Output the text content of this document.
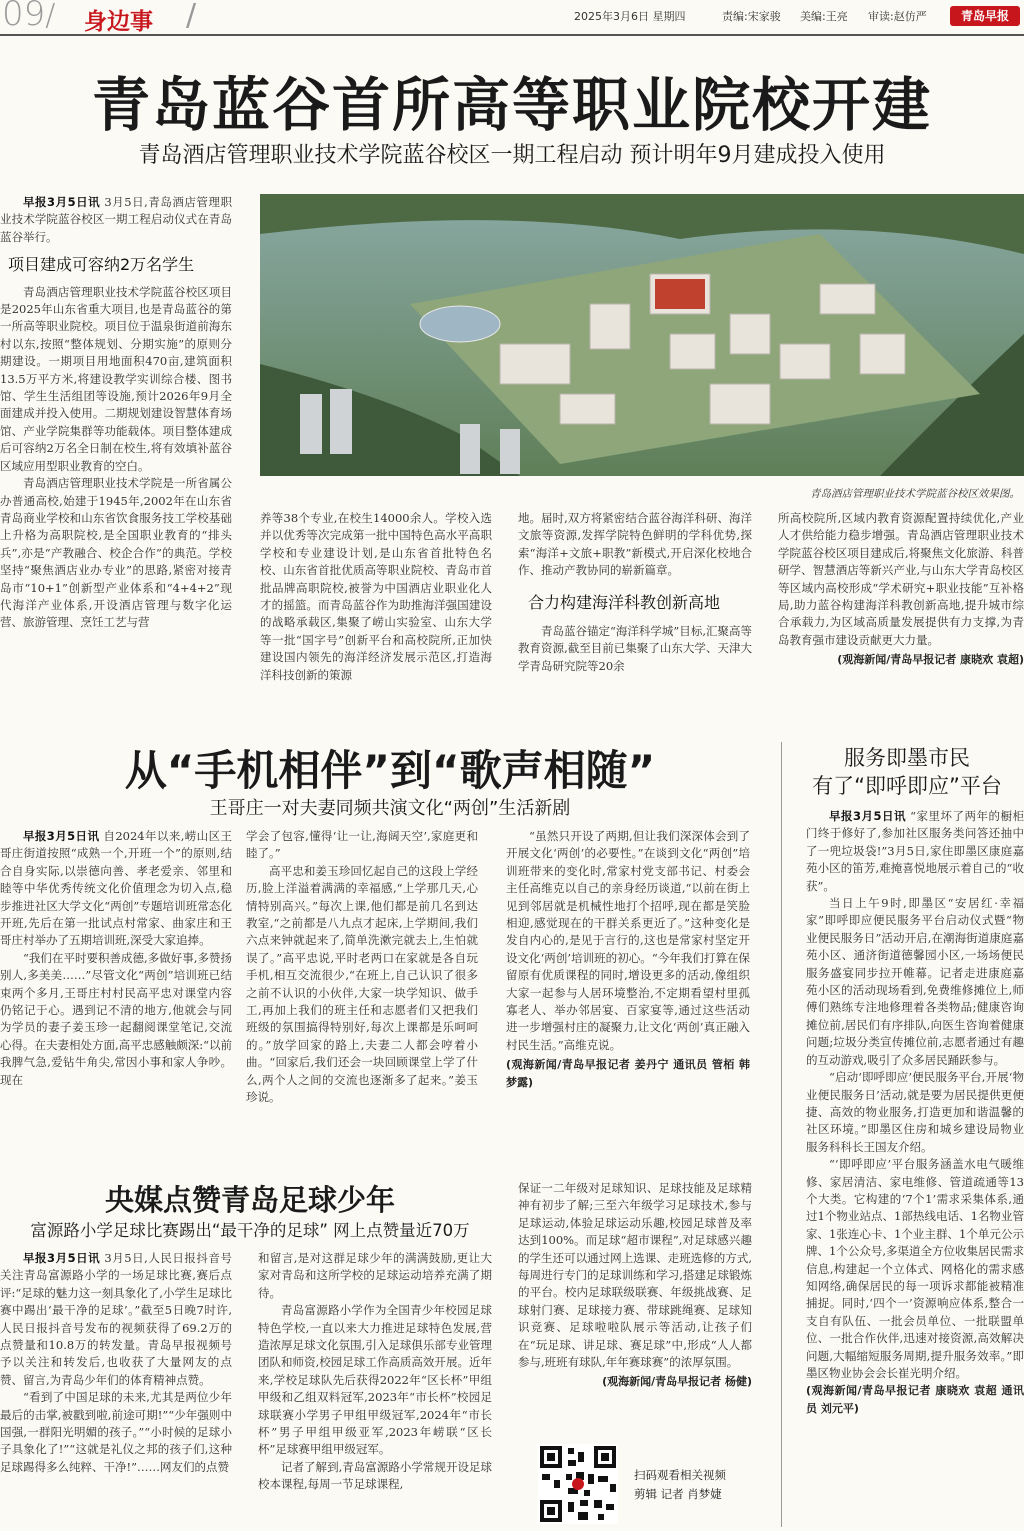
09/ 身边事 /	2025年3月6日 星期四	责编:宋家骏 美编:王亮 审读:赵仿严	青岛早报
青岛蓝谷首所高等职业院校开建
青岛酒店管理职业技术学院蓝谷校区一期工程启动 预计明年9月建成投入使用

早报3月5日讯 3月5日,青岛酒店管理职业技术学院蓝谷校区一期工程启动仪式在青岛蓝谷举行。

项目建成可容纳2万名学生

青岛酒店管理职业技术学院蓝谷校区项目是2025年山东省重大项目,也是青岛蓝谷的第一所高等职业院校。项目位于温泉街道前海东村以东,按照“整体规划、分期实施”的原则分期建设。一期项目用地面积470亩,建筑面积13.5万平方米,将建设教学实训综合楼、图书馆、学生生活组团等设施,预计2026年9月全面建成并投入使用。二期规划建设智慧体育场馆、产业学院集群等功能载体。项目整体建成后可容纳2万名全日制在校生,将有效填补蓝谷区域应用型职业教育的空白。

青岛酒店管理职业技术学院是一所省属公办普通高校,始建于1945年,2002年在山东省青岛商业学校和山东省饮食服务技工学校基础上升格为高职院校,是全国职业教育的“排头兵”,亦是“产教融合、校企合作”的典范。学校坚持“聚焦酒店业办专业”的思路,紧密对接青岛市“10+1”创新型产业体系和“4+4+2”现代海洋产业体系,开设酒店管理与数字化运营、旅游管理、烹饪工艺与营

青岛酒店管理职业技术学院蓝谷校区效果图。

养等38个专业,在校生14000余人。学校入选并以优秀等次完成第一批中国特色高水平高职学校和专业建设计划,是山东省首批特色名校、山东省首批优质高等职业院校、青岛市首批品牌高职院校,被誉为中国酒店业职业化人才的摇篮。而青岛蓝谷作为助推海洋强国建设的战略承载区,集聚了崂山实验室、山东大学等一批“国字号”创新平台和高校院所,正加快建设国内领先的海洋经济发展示范区,打造海洋科技创新的策源

地。届时,双方将紧密结合蓝谷海洋科研、海洋文旅等资源,发挥学院特色鲜明的学科优势,探索“海洋+文旅+职教”新模式,开启深化校地合作、推动产教协同的崭新篇章。

合力构建海洋科教创新高地

青岛蓝谷锚定“海洋科学城”目标,汇聚高等教育资源,截至目前已集聚了山东大学、天津大学青岛研究院等20余

所高校院所,区域内教育资源配置持续优化,产业人才供给能力稳步增强。青岛酒店管理职业技术学院蓝谷校区项目建成后,将聚焦文化旅游、科普研学、智慧酒店等新兴产业,与山东大学青岛校区等区域内高校形成“学术研究+职业技能”互补格局,助力蓝谷构建海洋科教创新高地,提升城市综合承载力,为区域高质量发展提供有力支撑,为青岛教育强市建设贡献更大力量。

(观海新闻/青岛早报记者 康晓欢 袁超)
从“手机相伴”到“歌声相随”
王哥庄一对夫妻同频共演文化“两创”生活新剧

早报3月5日讯 自2024年以来,崂山区王哥庄街道按照“成熟一个,开班一个”的原则,结合自身实际,以崇德向善、孝老爱亲、邻里和睦等中华优秀传统文化价值理念为切入点,稳步推进社区大学文化“两创”专题培训班常态化开班,先后在第一批试点村常家、曲家庄和王哥庄村举办了五期培训班,深受大家追捧。

“我们在平时要积善成德,多做好事,多赞扬别人,多美美……”尽管文化“两创”培训班已结束两个多月,王哥庄村村民高平忠对课堂内容仍铭记于心。遇到记不清的地方,他就会与同为学员的妻子姜玉珍一起翻阅课堂笔记,交流心得。在夫妻相处方面,高平忠感触颇深:“以前我脾气急,爱钻牛角尖,常因小事和家人争吵。现在

学会了包容,懂得‘让一让,海阔天空’,家庭更和睦了。”

高平忠和姜玉珍回忆起自己的这段上学经历,脸上洋溢着满满的幸福感,“上学那几天,心情特别高兴。”每次上课,他们都是前几名到达教室,“之前都是八九点才起床,上学期间,我们六点来钟就起来了,简单洗漱完就去上,生怕就误了。”高平忠说,平时老两口在家就是各自玩手机,相互交流很少,“在班上,自己认识了很多之前不认识的小伙伴,大家一块学知识、做手工,再加上我们的班主任和志愿者们又把我们班级的氛围搞得特别好,每次上课都是乐呵呵的。”放学回家的路上,夫妻二人都会哼着小曲。“回家后,我们还会一块回顾课堂上学了什么,两个人之间的交流也逐渐多了起来。”姜玉珍说。

“虽然只开设了两期,但让我们深深体会到了开展文化‘两创’的必要性。”在谈到文化“两创”培训班带来的变化时,常家村党支部书记、村委会主任高维克以自己的亲身经历谈道,“以前在街上见到邻居就是机械性地打个招呼,现在都是笑脸相迎,感觉现在的干群关系更近了。”这种变化是发自内心的,是见于言行的,这也是常家村坚定开设文化‘两创’培训班的初心。“今年我们打算在保留原有优质课程的同时,增设更多的活动,像组织大家一起参与人居环境整治,不定期看望村里孤寡老人、举办邻居宴、百家宴等,通过这些活动进一步增强村庄的凝聚力,让文化‘两创’真正融入村民生活。”高维克说。

(观海新闻/青岛早报记者 姜丹宁 通讯员 管栢 韩梦露)
服务即墨市民
有了“即呼即应”平台

早报3月5日讯 “家里坏了两年的橱柜门终于修好了,参加社区服务类问答还抽中了一兜垃圾袋!”3月5日,家住即墨区康庭嘉苑小区的笛芳,难掩喜悦地展示着自己的“收获”。

当日上午9时,即墨区“安居红·幸福家”即呼即应便民服务平台启动仪式暨“物业便民服务日”活动开启,在潮海街道康庭嘉苑小区、通济街道德馨园小区,一场场便民服务盛宴同步拉开帷幕。记者走进康庭嘉苑小区的活动现场看到,免费维修摊位上,师傅们熟练专注地修理着各类物品;健康咨询摊位前,居民们有序排队,向医生咨询着健康问题;垃圾分类宣传摊位前,志愿者通过有趣的互动游戏,吸引了众多居民踊跃参与。

“启动‘即呼即应’便民服务平台,开展‘物业便民服务日’活动,就是要为居民提供更便捷、高效的物业服务,打造更加和谐温馨的社区环境。”即墨区住房和城乡建设局物业服务科科长王国友介绍。

“‘即呼即应’平台服务涵盖水电气暖维修、家居清洁、家电维修、管道疏通等13个大类。它构建的‘7个1’需求采集体系,通过1个物业站点、1部热线电话、1名物业管家、1张连心卡、1个业主群、1个单元公示牌、1个公众号,多渠道全方位收集居民需求信息,构建起一个立体式、网格化的需求感知网络,确保居民的每一项诉求都能被精准捕捉。同时,‘四个一’资源响应体系,整合一支自有队伍、一批会员单位、一批联盟单位、一批合作伙伴,迅速对接资源,高效解决问题,大幅缩短服务周期,提升服务效率。”即墨区物业协会会长崔光明介绍。

(观海新闻/青岛早报记者 康晓欢 袁超 通讯员 刘元平)
央媒点赞青岛足球少年
富源路小学足球比赛踢出“最干净的足球” 网上点赞量近70万

早报3月5日讯 3月5日,人民日报抖音号关注青岛富源路小学的一场足球比赛,赛后点评:“足球的魅力这一刻具象化了,小学生足球比赛中踢出‘最干净的足球’。”截至5日晚7时许,人民日报抖音号发布的视频获得了69.2万的点赞量和10.8万的转发量。青岛早报视频号予以关注和转发后,也收获了大量网友的点赞、留言,为青岛少年们的体育精神点赞。

“看到了中国足球的未来,尤其是两位少年最后的击掌,被戳到啦,前途可期!”“少年强则中国强,一群阳光明媚的孩子。”“小时候的足球小子具象化了!”“这就是礼仪之邦的孩子们,这种足球踢得多么纯粹、干净!”……网友们的点赞

和留言,是对这群足球少年的满满鼓励,更让大家对青岛和这所学校的足球运动培养充满了期待。

青岛富源路小学作为全国青少年校园足球特色学校,一直以来大力推进足球特色发展,营造浓厚足球文化氛围,引入足球俱乐部专业管理团队和师资,校园足球工作高质高效开展。近年来,学校足球队先后获得2022年“区长杯”甲组甲级和乙组双料冠军,2023年“市长杯”校园足球联赛小学男子甲组甲级冠军,2024年“市长杯”男子甲组甲级亚军,2023年崂联“区长杯”足球赛甲组甲级冠军。

记者了解到,青岛富源路小学常规开设足球校本课程,每周一节足球课程,

保证一二年级对足球知识、足球技能及足球精神有初步了解;三至六年级学习足球技术,参与足球运动,体验足球运动乐趣,校园足球普及率达到100%。而足球“超市课程”,对足球感兴趣的学生还可以通过网上选课、走班选修的方式,每周进行专门的足球训练和学习,搭建足球锻炼的平台。校内足球联级联赛、年级挑战赛、足球射门赛、足球接力赛、带球跳绳赛、足球知识竞赛、足球啦啦队展示等活动,让孩子们在“玩足球、讲足球、赛足球”中,形成“人人都参与,班班有球队,年年赛球赛”的浓厚氛围。

(观海新闻/青岛早报记者 杨健)
扫码观看相关视频
剪辑 记者 肖梦婕
